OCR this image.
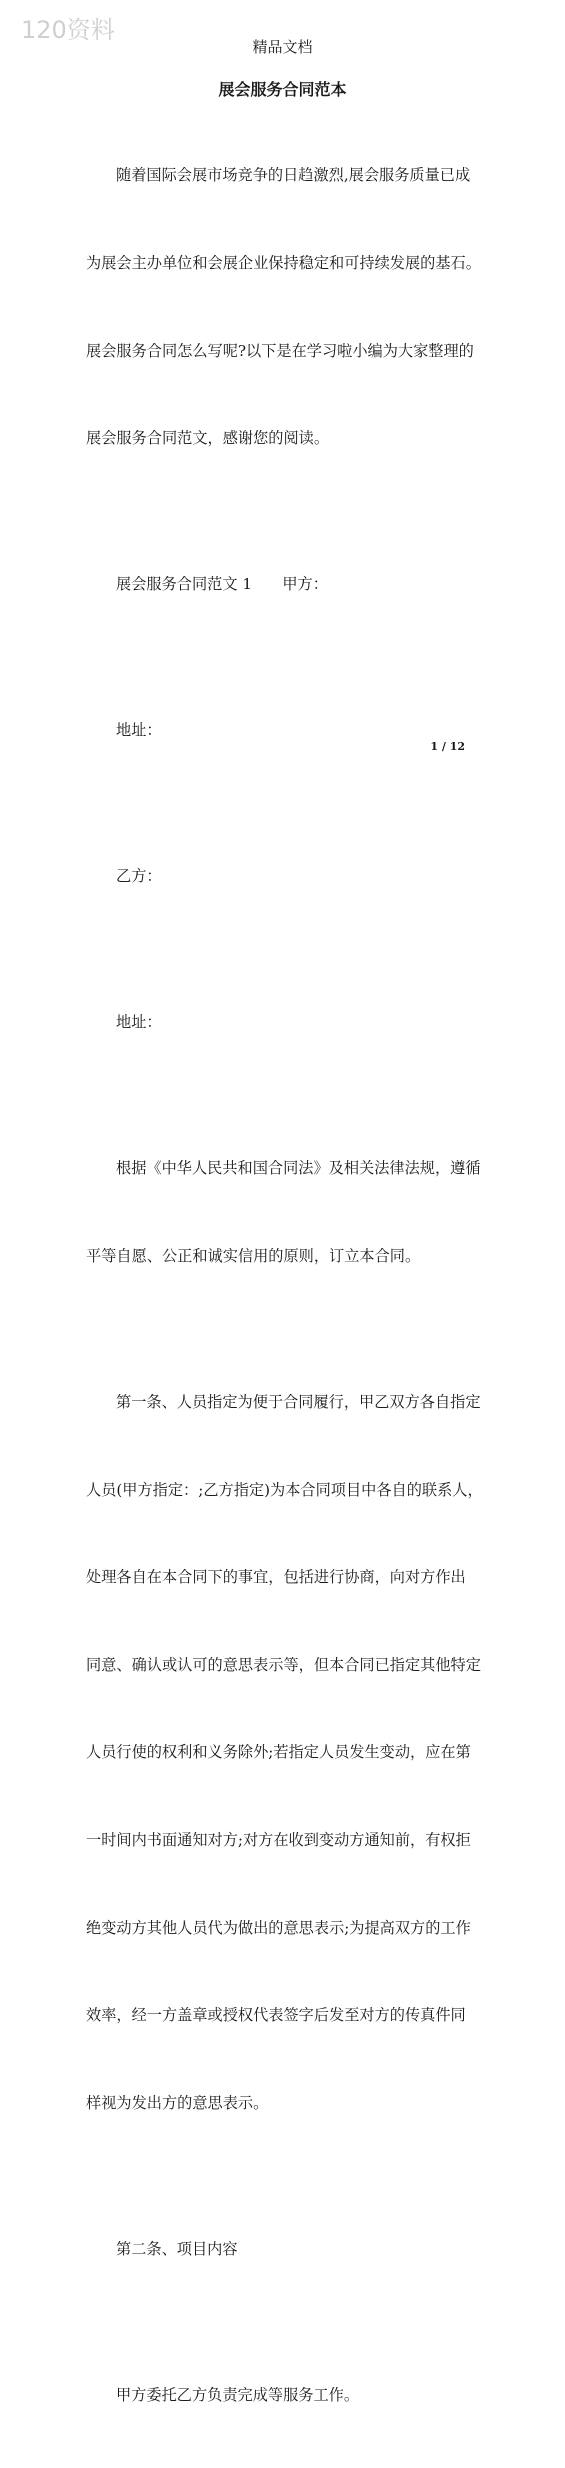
120资料
精品文档
展会服务合同范本

随着国际会展市场竞争的日趋激烈,展会服务质量已成

为展会主办单位和会展企业保持稳定和可持续发展的基石。

展会服务合同怎么写呢?以下是在学习啦小编为大家整理的

展会服务合同范文，感谢您的阅读。

展会服务合同范文 1　　甲方：

地址：

乙方：

地址：

根据《中华人民共和国合同法》及相关法律法规，遵循

平等自愿、公正和诚实信用的原则，订立本合同。

第一条、人员指定为便于合同履行，甲乙双方各自指定

人员(甲方指定：;乙方指定)为本合同项目中各自的联系人，

处理各自在本合同下的事宜，包括进行协商，向对方作出

同意、确认或认可的意思表示等，但本合同已指定其他特定

人员行使的权利和义务除外;若指定人员发生变动，应在第

一时间内书面通知对方;对方在收到变动方通知前，有权拒

绝变动方其他人员代为做出的意思表示;为提高双方的工作

效率，经一方盖章或授权代表签字后发至对方的传真件同

样视为发出方的意思表示。

第二条、项目内容

甲方委托乙方负责完成等服务工作。

1 / 12
